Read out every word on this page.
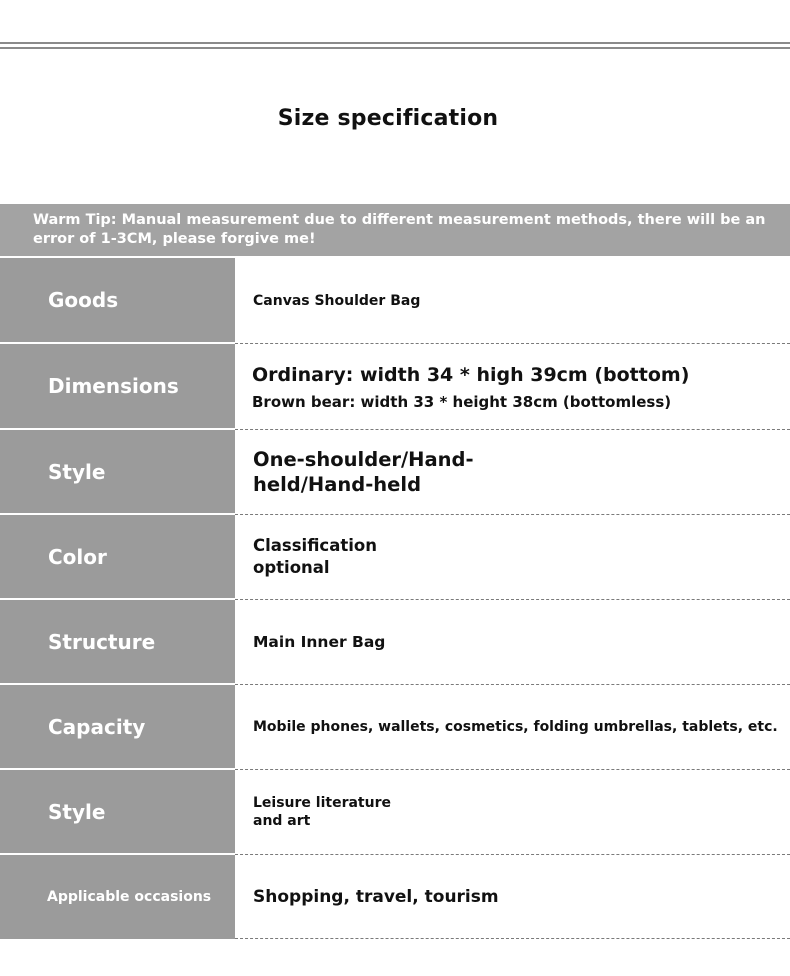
Size specification
Warm Tip: Manual measurement due to different measurement methods, there will be an error of 1-3CM, please forgive me!
Goods	Canvas Shoulder Bag
Dimensions	Ordinary: width 34 * high 39cm (bottom)
Brown bear: width 33 * height 38cm (bottomless)
Style	One-shoulder/Hand-
held/Hand-held
Color	Classification
optional
Structure	Main Inner Bag
Capacity	Mobile phones, wallets, cosmetics, folding umbrellas, tablets, etc.
Style	Leisure literature
and art
Applicable occasions	Shopping, travel, tourism
